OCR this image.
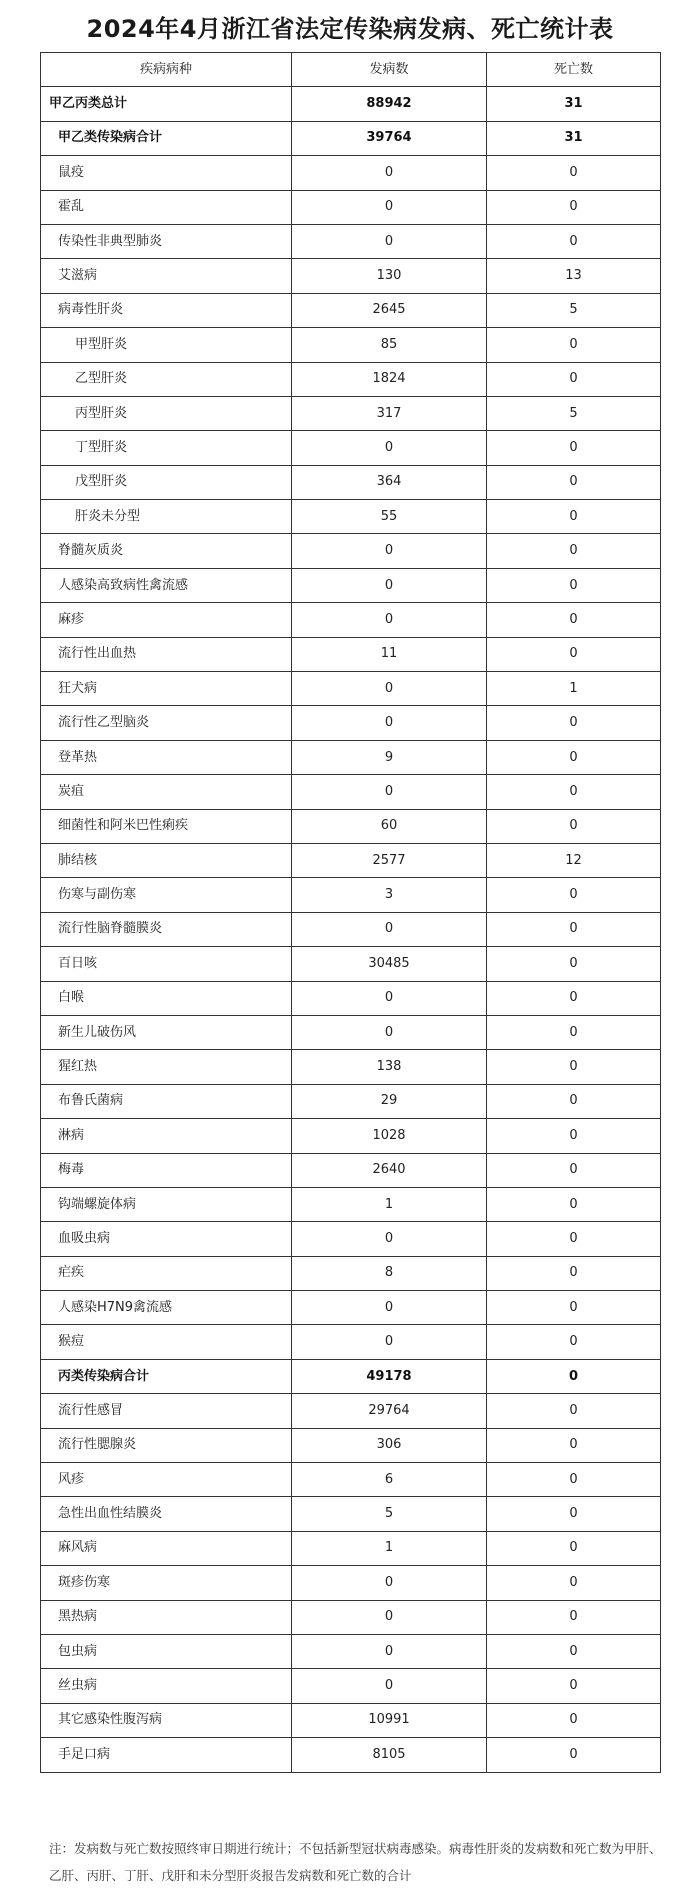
2024年4月浙江省法定传染病发病、死亡统计表
疾病病种	发病数	死亡数
甲乙丙类总计	88942	31
甲乙类传染病合计	39764	31
鼠疫	0	0
霍乱	0	0
传染性非典型肺炎	0	0
艾滋病	130	13
病毒性肝炎	2645	5
甲型肝炎	85	0
乙型肝炎	1824	0
丙型肝炎	317	5
丁型肝炎	0	0
戊型肝炎	364	0
肝炎未分型	55	0
脊髓灰质炎	0	0
人感染高致病性禽流感	0	0
麻疹	0	0
流行性出血热	11	0
狂犬病	0	1
流行性乙型脑炎	0	0
登革热	9	0
炭疽	0	0
细菌性和阿米巴性痢疾	60	0
肺结核	2577	12
伤寒与副伤寒	3	0
流行性脑脊髓膜炎	0	0
百日咳	30485	0
白喉	0	0
新生儿破伤风	0	0
猩红热	138	0
布鲁氏菌病	29	0
淋病	1028	0
梅毒	2640	0
钩端螺旋体病	1	0
血吸虫病	0	0
疟疾	8	0
人感染H7N9禽流感	0	0
猴痘	0	0
丙类传染病合计	49178	0
流行性感冒	29764	0
流行性腮腺炎	306	0
风疹	6	0
急性出血性结膜炎	5	0
麻风病	1	0
斑疹伤寒	0	0
黑热病	0	0
包虫病	0	0
丝虫病	0	0
其它感染性腹泻病	10991	0
手足口病	8105	0
注：发病数与死亡数按照终审日期进行统计；不包括新型冠状病毒感染。病毒性肝炎的发病数和死亡数为甲肝、乙肝、丙肝、丁肝、戊肝和未分型肝炎报告发病数和死亡数的合计
